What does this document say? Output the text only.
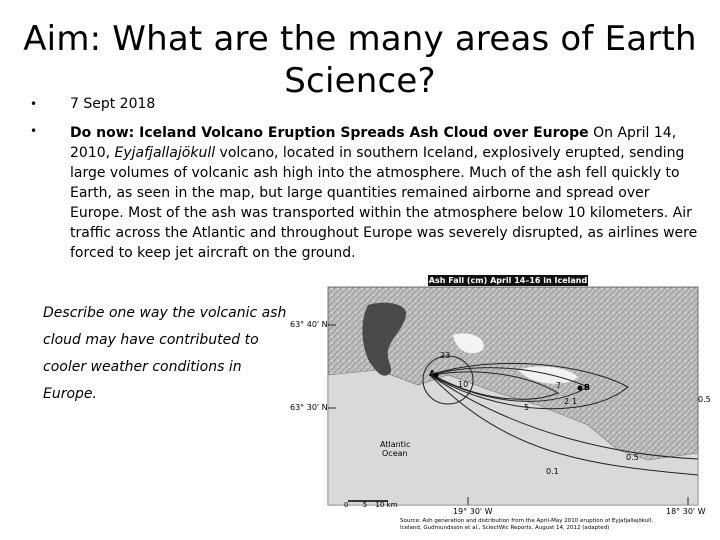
Aim: What are the many areas of Earth Science?
• 7 Sept 2018
• Do now: Iceland Volcano Eruption Spreads Ash Cloud over Europe On April 14, 2010, Eyjafjallajökull volcano, located in southern Iceland, explosively erupted, sending large volumes of volcanic ash high into the atmosphere. Much of the ash fell quickly to Earth, as seen in the map, but large quantities remained airborne and spread over Europe. Most of the ash was transported within the atmosphere below 10 kilometers. Air traffic across the Atlantic and throughout Europe was severely disrupted, as airlines were forced to keep jet aircraft on the ground.
Describe one way the volcanic ash cloud may have contributed to cooler weather conditions in Europe.
Ash Fall (cm) April 14–16 in Iceland
63° 40' N
63° 30' N
19° 30' W	18° 30' W
Atlantic
Ocean
23
10	7
5
2 1	0.5
0.5
0.1
A
B
0 5 10 km
Source: Ash generation and distribution from the April-May 2010 eruption of Eyjafjallajökull,
Iceland, Gudmundsson et al., SciectWic Reports, August 14, 2012 (adapted)
